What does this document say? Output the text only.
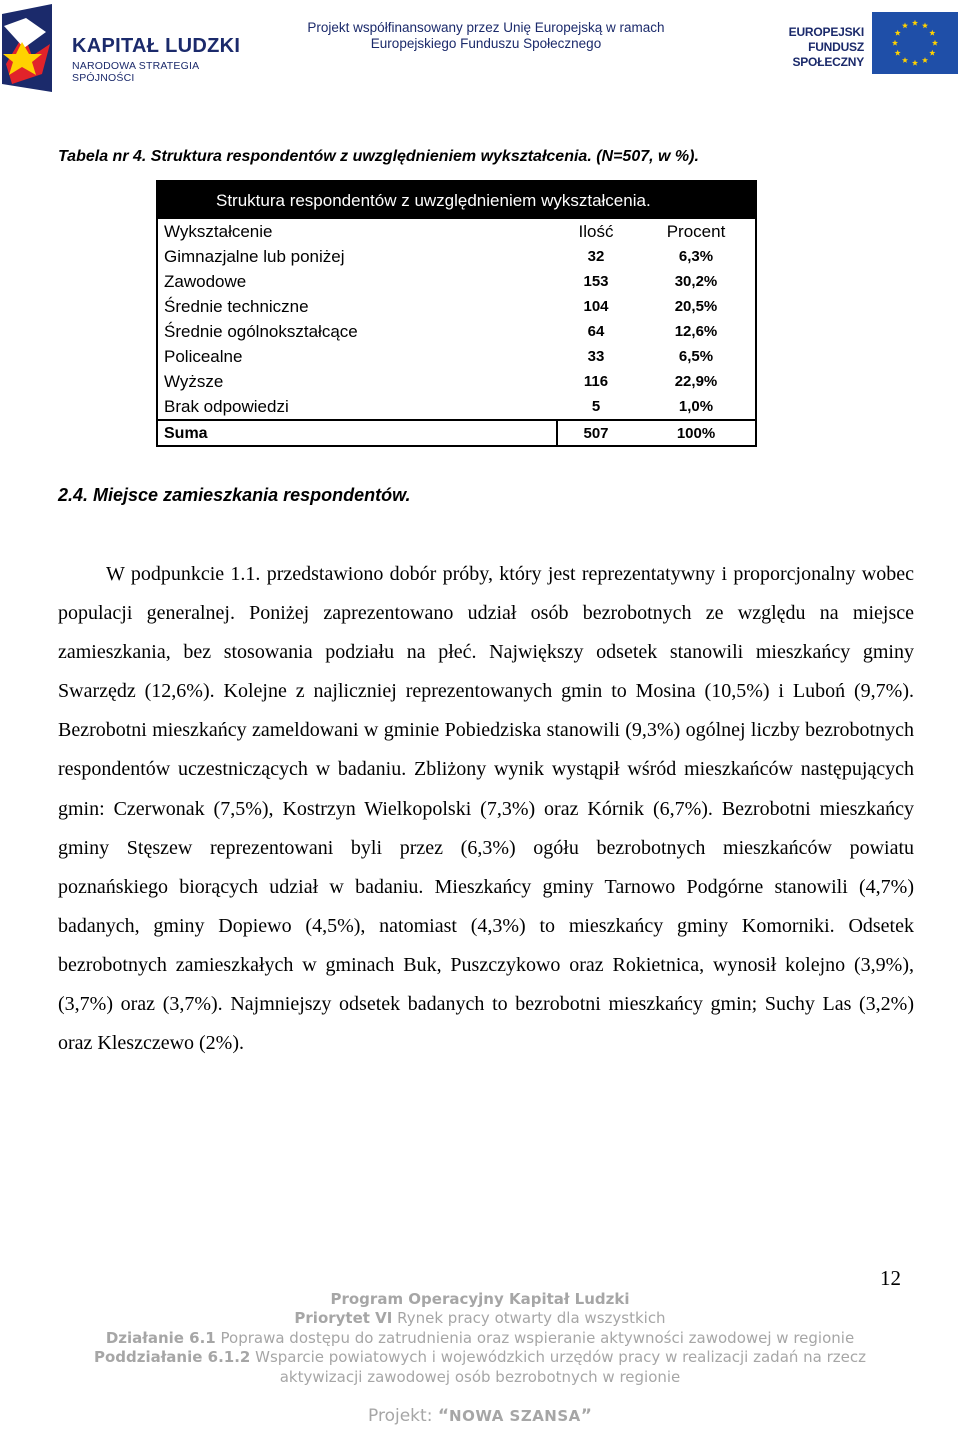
KAPITAŁ LUDZKI
NARODOWA STRATEGIA SPÓJNOŚCI
Projekt współfinansowany przez Unię Europejską w ramach
Europejskiego Funduszu Społecznego
EUROPEJSKI
FUNDUSZ SPOŁECZNY
Tabela nr 4. Struktura respondentów z uwzględnieniem wykształcenia. (N=507, w %).
Struktura respondentów z uwzględnieniem wykształcenia.
Wykształcenie	Ilość	Procent
Gimnazjalne lub poniżej	32	6,3%
Zawodowe	153	30,2%
Średnie techniczne	104	20,5%
Średnie ogólnokształcące	64	12,6%
Policealne	33	6,5%
Wyższe	116	22,9%
Brak odpowiedzi	5	1,0%
Suma	507	100%
2.4. Miejsce zamieszkania respondentów.
W podpunkcie 1.1. przedstawiono dobór próby, który jest reprezentatywny i proporcjonalny wobec populacji generalnej. Poniżej zaprezentowano udział osób bezrobotnych ze względu na miejsce zamieszkania, bez stosowania podziału na płeć. Największy odsetek stanowili mieszkańcy gminy Swarzędz (12,6%). Kolejne z najliczniej reprezentowanych gmin to Mosina (10,5%) i Luboń (9,7%). Bezrobotni mieszkańcy zameldowani w gminie Pobiedziska stanowili (9,3%) ogólnej liczby bezrobotnych respondentów uczestniczących w badaniu. Zbliżony wynik wystąpił wśród mieszkańców następujących gmin: Czerwonak (7,5%), Kostrzyn Wielkopolski (7,3%) oraz Kórnik (6,7%). Bezrobotni mieszkańcy gminy Stęszew reprezentowani byli przez (6,3%) ogółu bezrobotnych mieszkańców powiatu poznańskiego biorących udział w badaniu. Mieszkańcy gminy Tarnowo Podgórne stanowili (4,7%) badanych, gminy Dopiewo (4,5%), natomiast (4,3%) to mieszkańcy gminy Komorniki. Odsetek bezrobotnych zamieszkałych w gminach Buk, Puszczykowo oraz Rokietnica, wynosił kolejno (3,9%), (3,7%) oraz (3,7%). Najmniejszy odsetek badanych to bezrobotni mieszkańcy gmin; Suchy Las (3,2%) oraz Kleszczewo (2%).
12
Program Operacyjny Kapitał Ludzki
Priorytet VI Rynek pracy otwarty dla wszystkich
Działanie 6.1 Poprawa dostępu do zatrudnienia oraz wspieranie aktywności zawodowej w regionie
Poddziałanie 6.1.2 Wsparcie powiatowych i wojewódzkich urzędów pracy w realizacji zadań na rzecz
aktywizacji zawodowej osób bezrobotnych w regionie
Projekt: “NOWA SZANSA”
